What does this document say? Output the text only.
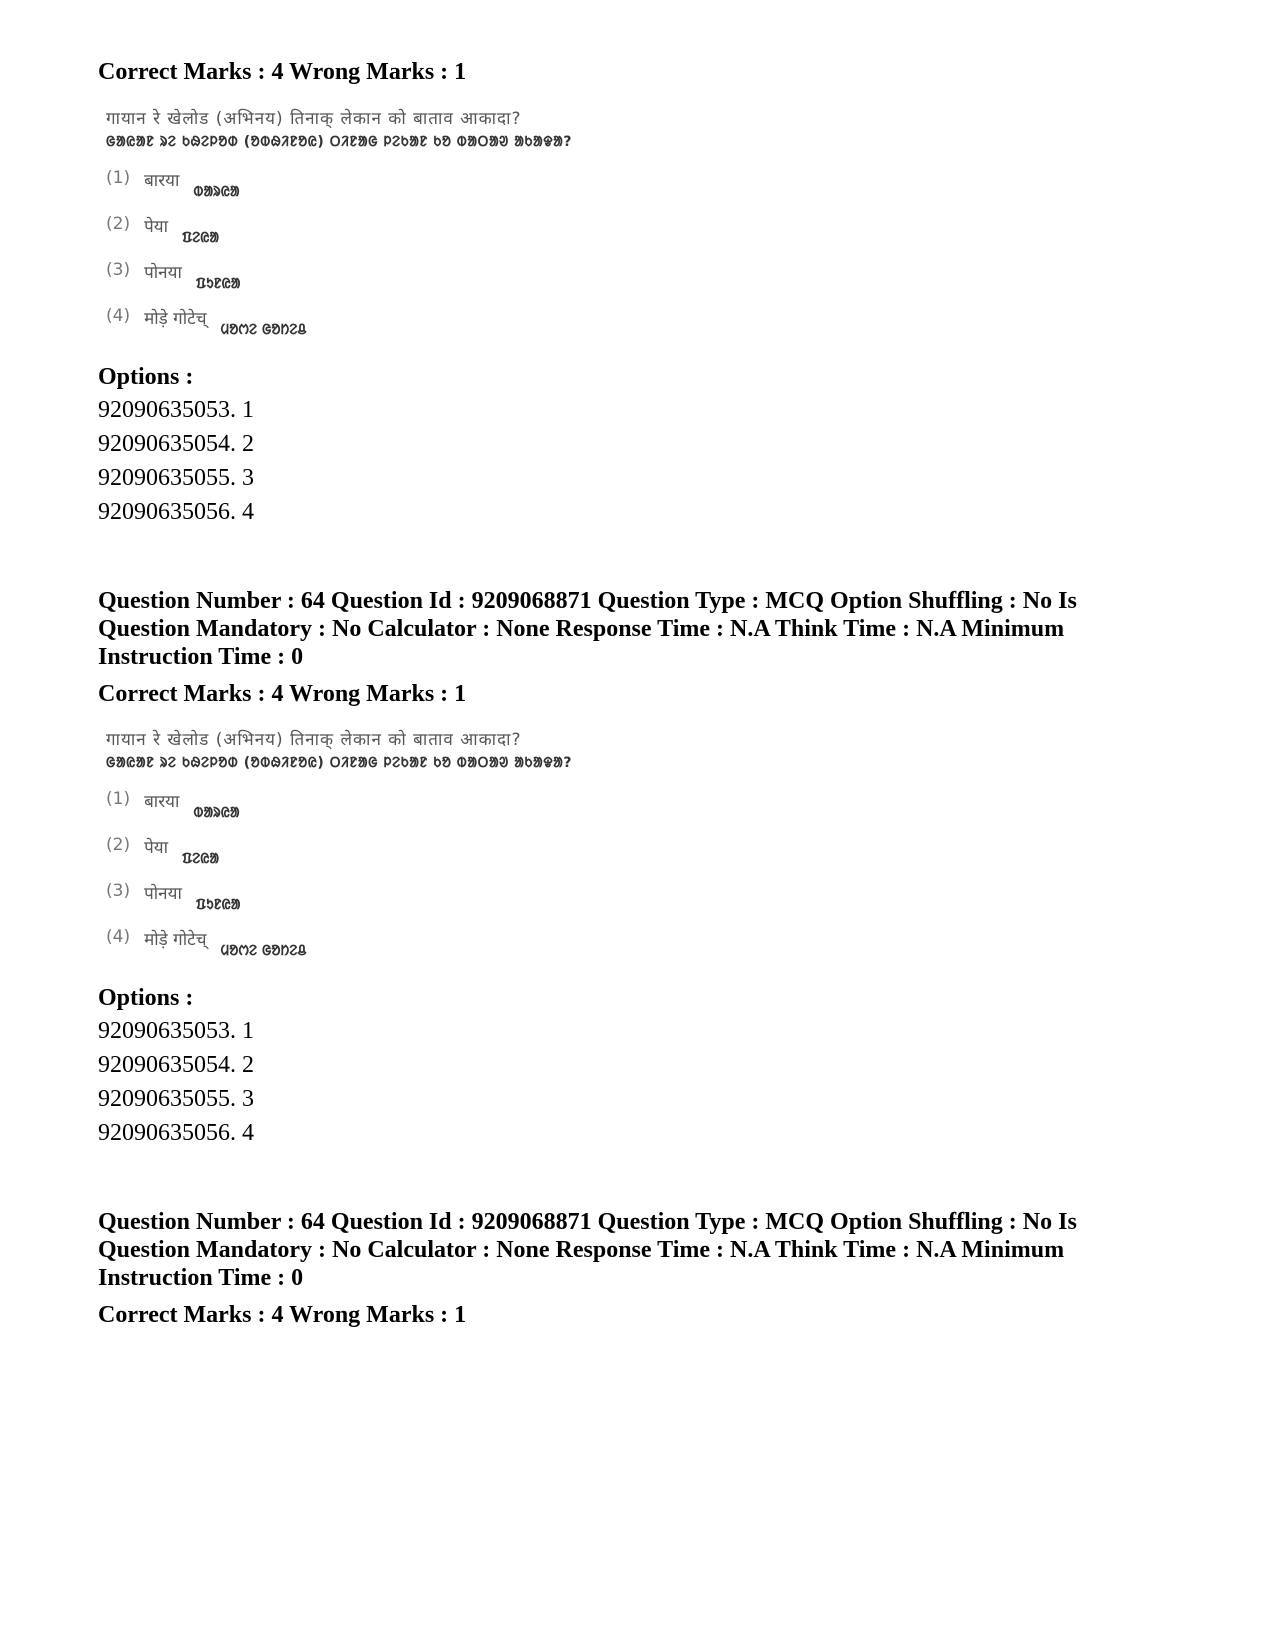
Correct Marks : 4 Wrong Marks : 1
गायान रे खेलोड (अभिनय) तिनाक् लेकान को बाताव आकादा?
ᱜᱟᱭᱟᱱ ᱨᱮ ᱠᱷᱮᱞᱚᱰ (ᱚᱵᱷᱤᱱᱚᱭ) ᱛᱤᱱᱟᱜ ᱞᱮᱠᱟᱱ ᱠᱚ ᱵᱟᱛᱟᱣ ᱟᱠᱟᱫᱟ?
(1) बारया
ᱵᱟᱨᱭᱟ
(2) पेया
ᱯᱮᱭᱟ
(3) पोनया
ᱯᱩᱱᱭᱟ
(4) मोड़े गोटेच्
ᱢᱚᱬᱮ ᱜᱚᱴᱮᱪ
Options :
92090635053. 1
92090635054. 2
92090635055. 3
92090635056. 4
Question Number : 64 Question Id : 9209068871 Question Type : MCQ Option Shuffling : No Is
Question Mandatory : No Calculator : None Response Time : N.A Think Time : N.A Minimum
Instruction Time : 0
Correct Marks : 4 Wrong Marks : 1
गायान रे खेलोड (अभिनय) तिनाक् लेकान को बाताव आकादा?
ᱜᱟᱭᱟᱱ ᱨᱮ ᱠᱷᱮᱞᱚᱰ (ᱚᱵᱷᱤᱱᱚᱭ) ᱛᱤᱱᱟᱜ ᱞᱮᱠᱟᱱ ᱠᱚ ᱵᱟᱛᱟᱣ ᱟᱠᱟᱫᱟ?
(1) बारया
ᱵᱟᱨᱭᱟ
(2) पेया
ᱯᱮᱭᱟ
(3) पोनया
ᱯᱩᱱᱭᱟ
(4) मोड़े गोटेच्
ᱢᱚᱬᱮ ᱜᱚᱴᱮᱪ
Options :
92090635053. 1
92090635054. 2
92090635055. 3
92090635056. 4
Question Number : 64 Question Id : 9209068871 Question Type : MCQ Option Shuffling : No Is
Question Mandatory : No Calculator : None Response Time : N.A Think Time : N.A Minimum
Instruction Time : 0
Correct Marks : 4 Wrong Marks : 1
